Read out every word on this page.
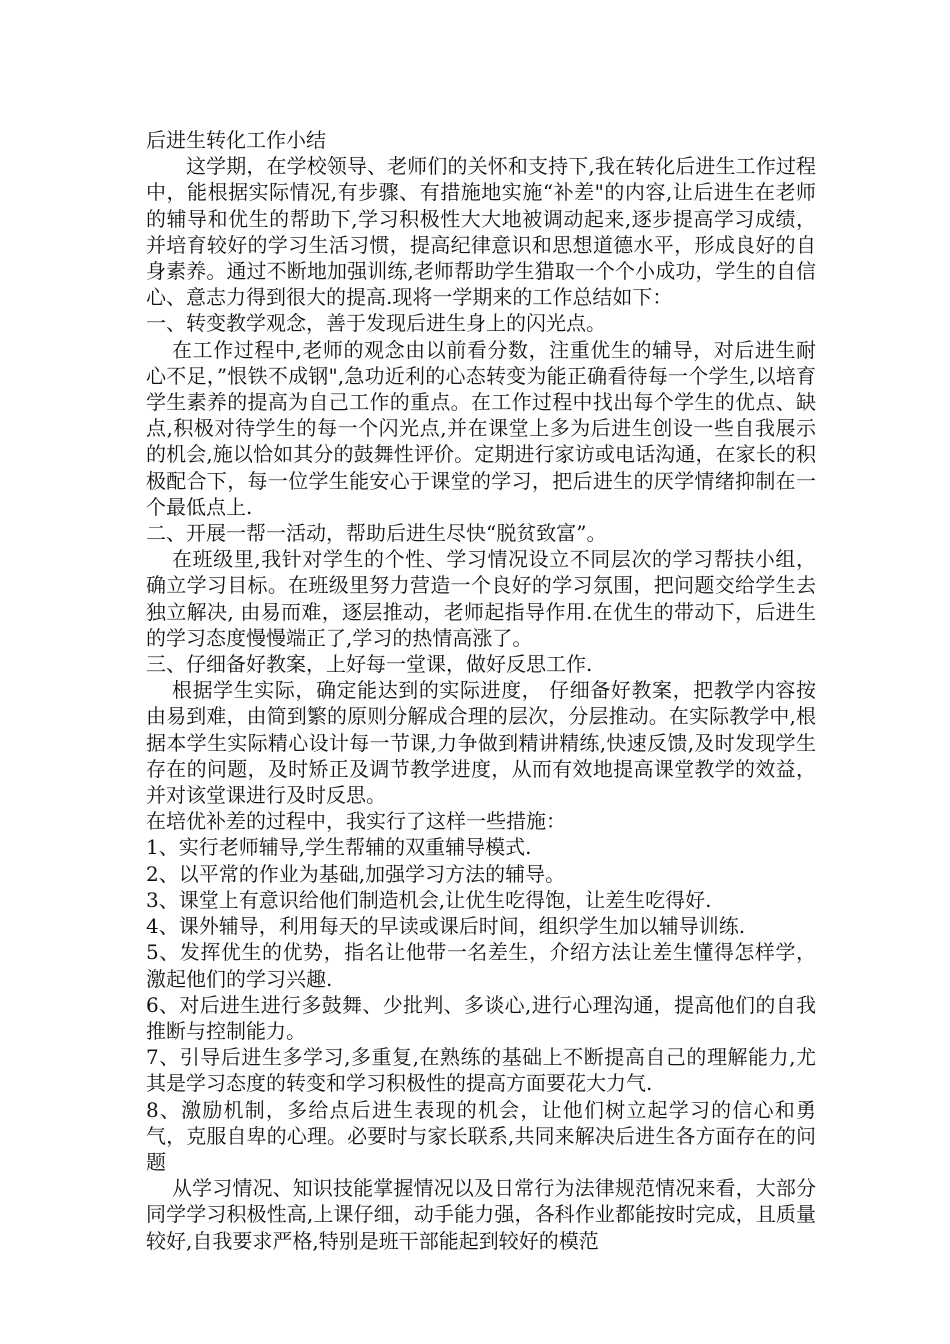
后进生转化工作小结

这学期，在学校领导、老师们的关怀和支持下,我在转化后进生工作过程中，能根据实际情况,有步骤、有措施地实施“补差"的内容,让后进生在老师的辅导和优生的帮助下,学习积极性大大地被调动起来,逐步提高学习成绩，并培育较好的学习生活习惯，提高纪律意识和思想道德水平，形成良好的自身素养。通过不断地加强训练,老师帮助学生猎取一个个小成功，学生的自信心、意志力得到很大的提高.现将一学期来的工作总结如下：

一、转变教学观念，善于发现后进生身上的闪光点。

在工作过程中,老师的观念由以前看分数，注重优生的辅导，对后进生耐心不足，”恨铁不成钢",急功近利的心态转变为能正确看待每一个学生,以培育学生素养的提高为自己工作的重点。在工作过程中找出每个学生的优点、缺点,积极对待学生的每一个闪光点,并在课堂上多为后进生创设一些自我展示的机会,施以恰如其分的鼓舞性评价。定期进行家访或电话沟通，在家长的积极配合下，每一位学生能安心于课堂的学习，把后进生的厌学情绪抑制在一个最低点上.

二、开展一帮一活动，帮助后进生尽快“脱贫致富”。

在班级里,我针对学生的个性、学习情况设立不同层次的学习帮扶小组，确立学习目标。在班级里努力营造一个良好的学习氛围，把问题交给学生去独立解决, 由易而难，逐层推动，老师起指导作用.在优生的带动下，后进生的学习态度慢慢端正了,学习的热情高涨了。

三、仔细备好教案，上好每一堂课，做好反思工作.

根据学生实际，确定能达到的实际进度， 仔细备好教案，把教学内容按由易到难，由简到繁的原则分解成合理的层次，分层推动。在实际教学中,根据本学生实际精心设计每一节课,力争做到精讲精练,快速反馈,及时发现学生存在的问题，及时矫正及调节教学进度，从而有效地提高课堂教学的效益，并对该堂课进行及时反思。

在培优补差的过程中，我实行了这样一些措施：

1、实行老师辅导,学生帮辅的双重辅导模式.

2、以平常的作业为基础,加强学习方法的辅导。

3、课堂上有意识给他们制造机会,让优生吃得饱，让差生吃得好.

4、课外辅导，利用每天的早读或课后时间，组织学生加以辅导训练.

5、发挥优生的优势，指名让他带一名差生，介绍方法让差生懂得怎样学，激起他们的学习兴趣.

6、对后进生进行多鼓舞、少批判、多谈心,进行心理沟通，提高他们的自我推断与控制能力。

7、引导后进生多学习,多重复,在熟练的基础上不断提高自己的理解能力,尤其是学习态度的转变和学习积极性的提高方面要花大力气.

8、激励机制，多给点后进生表现的机会，让他们树立起学习的信心和勇气，克服自卑的心理。必要时与家长联系,共同来解决后进生各方面存在的问题

从学习情况、知识技能掌握情况以及日常行为法律规范情况来看，大部分同学学习积极性高,上课仔细，动手能力强，各科作业都能按时完成，且质量较好,自我要求严格,特别是班干部能起到较好的模范
